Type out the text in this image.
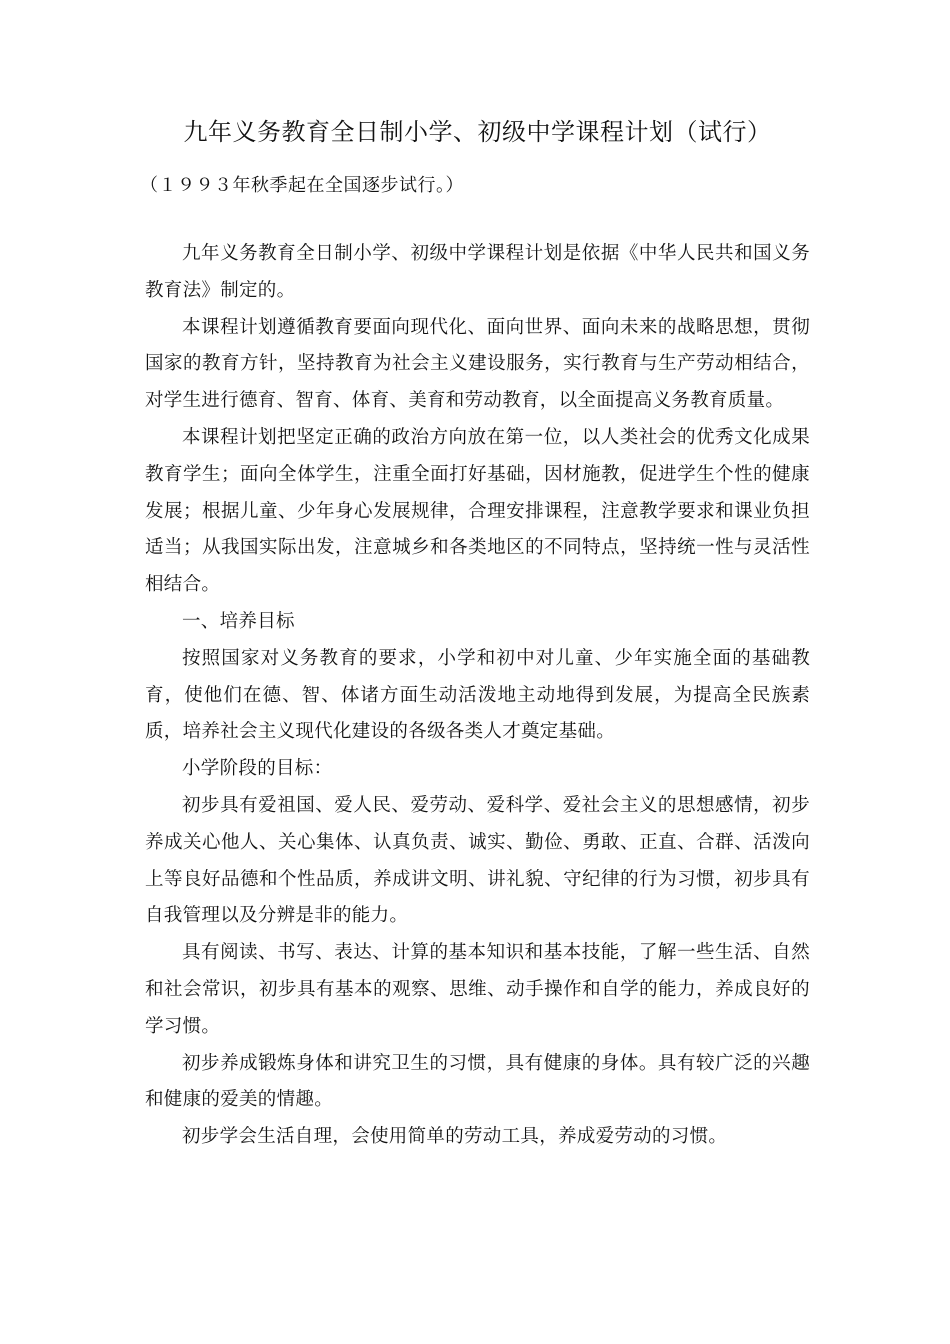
九年义务教育全日制小学、初级中学课程计划（试行）
（１９９３年秋季起在全国逐步试行。）

九年义务教育全日制小学、初级中学课程计划是依据《中华人民共和国义务教育法》制定的。

本课程计划遵循教育要面向现代化、面向世界、面向未来的战略思想，贯彻国家的教育方针，坚持教育为社会主义建设服务，实行教育与生产劳动相结合，对学生进行德育、智育、体育、美育和劳动教育，以全面提高义务教育质量。

本课程计划把坚定正确的政治方向放在第一位，以人类社会的优秀文化成果教育学生；面向全体学生，注重全面打好基础，因材施教，促进学生个性的健康发展；根据儿童、少年身心发展规律，合理安排课程，注意教学要求和课业负担适当；从我国实际出发，注意城乡和各类地区的不同特点，坚持统一性与灵活性相结合。

一、培养目标

按照国家对义务教育的要求，小学和初中对儿童、少年实施全面的基础教育，使他们在德、智、体诸方面生动活泼地主动地得到发展，为提高全民族素质，培养社会主义现代化建设的各级各类人才奠定基础。

小学阶段的目标：

初步具有爱祖国、爱人民、爱劳动、爱科学、爱社会主义的思想感情，初步养成关心他人、关心集体、认真负责、诚实、勤俭、勇敢、正直、合群、活泼向上等良好品德和个性品质，养成讲文明、讲礼貌、守纪律的行为习惯，初步具有自我管理以及分辨是非的能力。

具有阅读、书写、表达、计算的基本知识和基本技能，了解一些生活、自然和社会常识，初步具有基本的观察、思维、动手操作和自学的能力，养成良好的学习惯。

初步养成锻炼身体和讲究卫生的习惯，具有健康的身体。具有较广泛的兴趣和健康的爱美的情趣。

初步学会生活自理，会使用简单的劳动工具，养成爱劳动的习惯。
